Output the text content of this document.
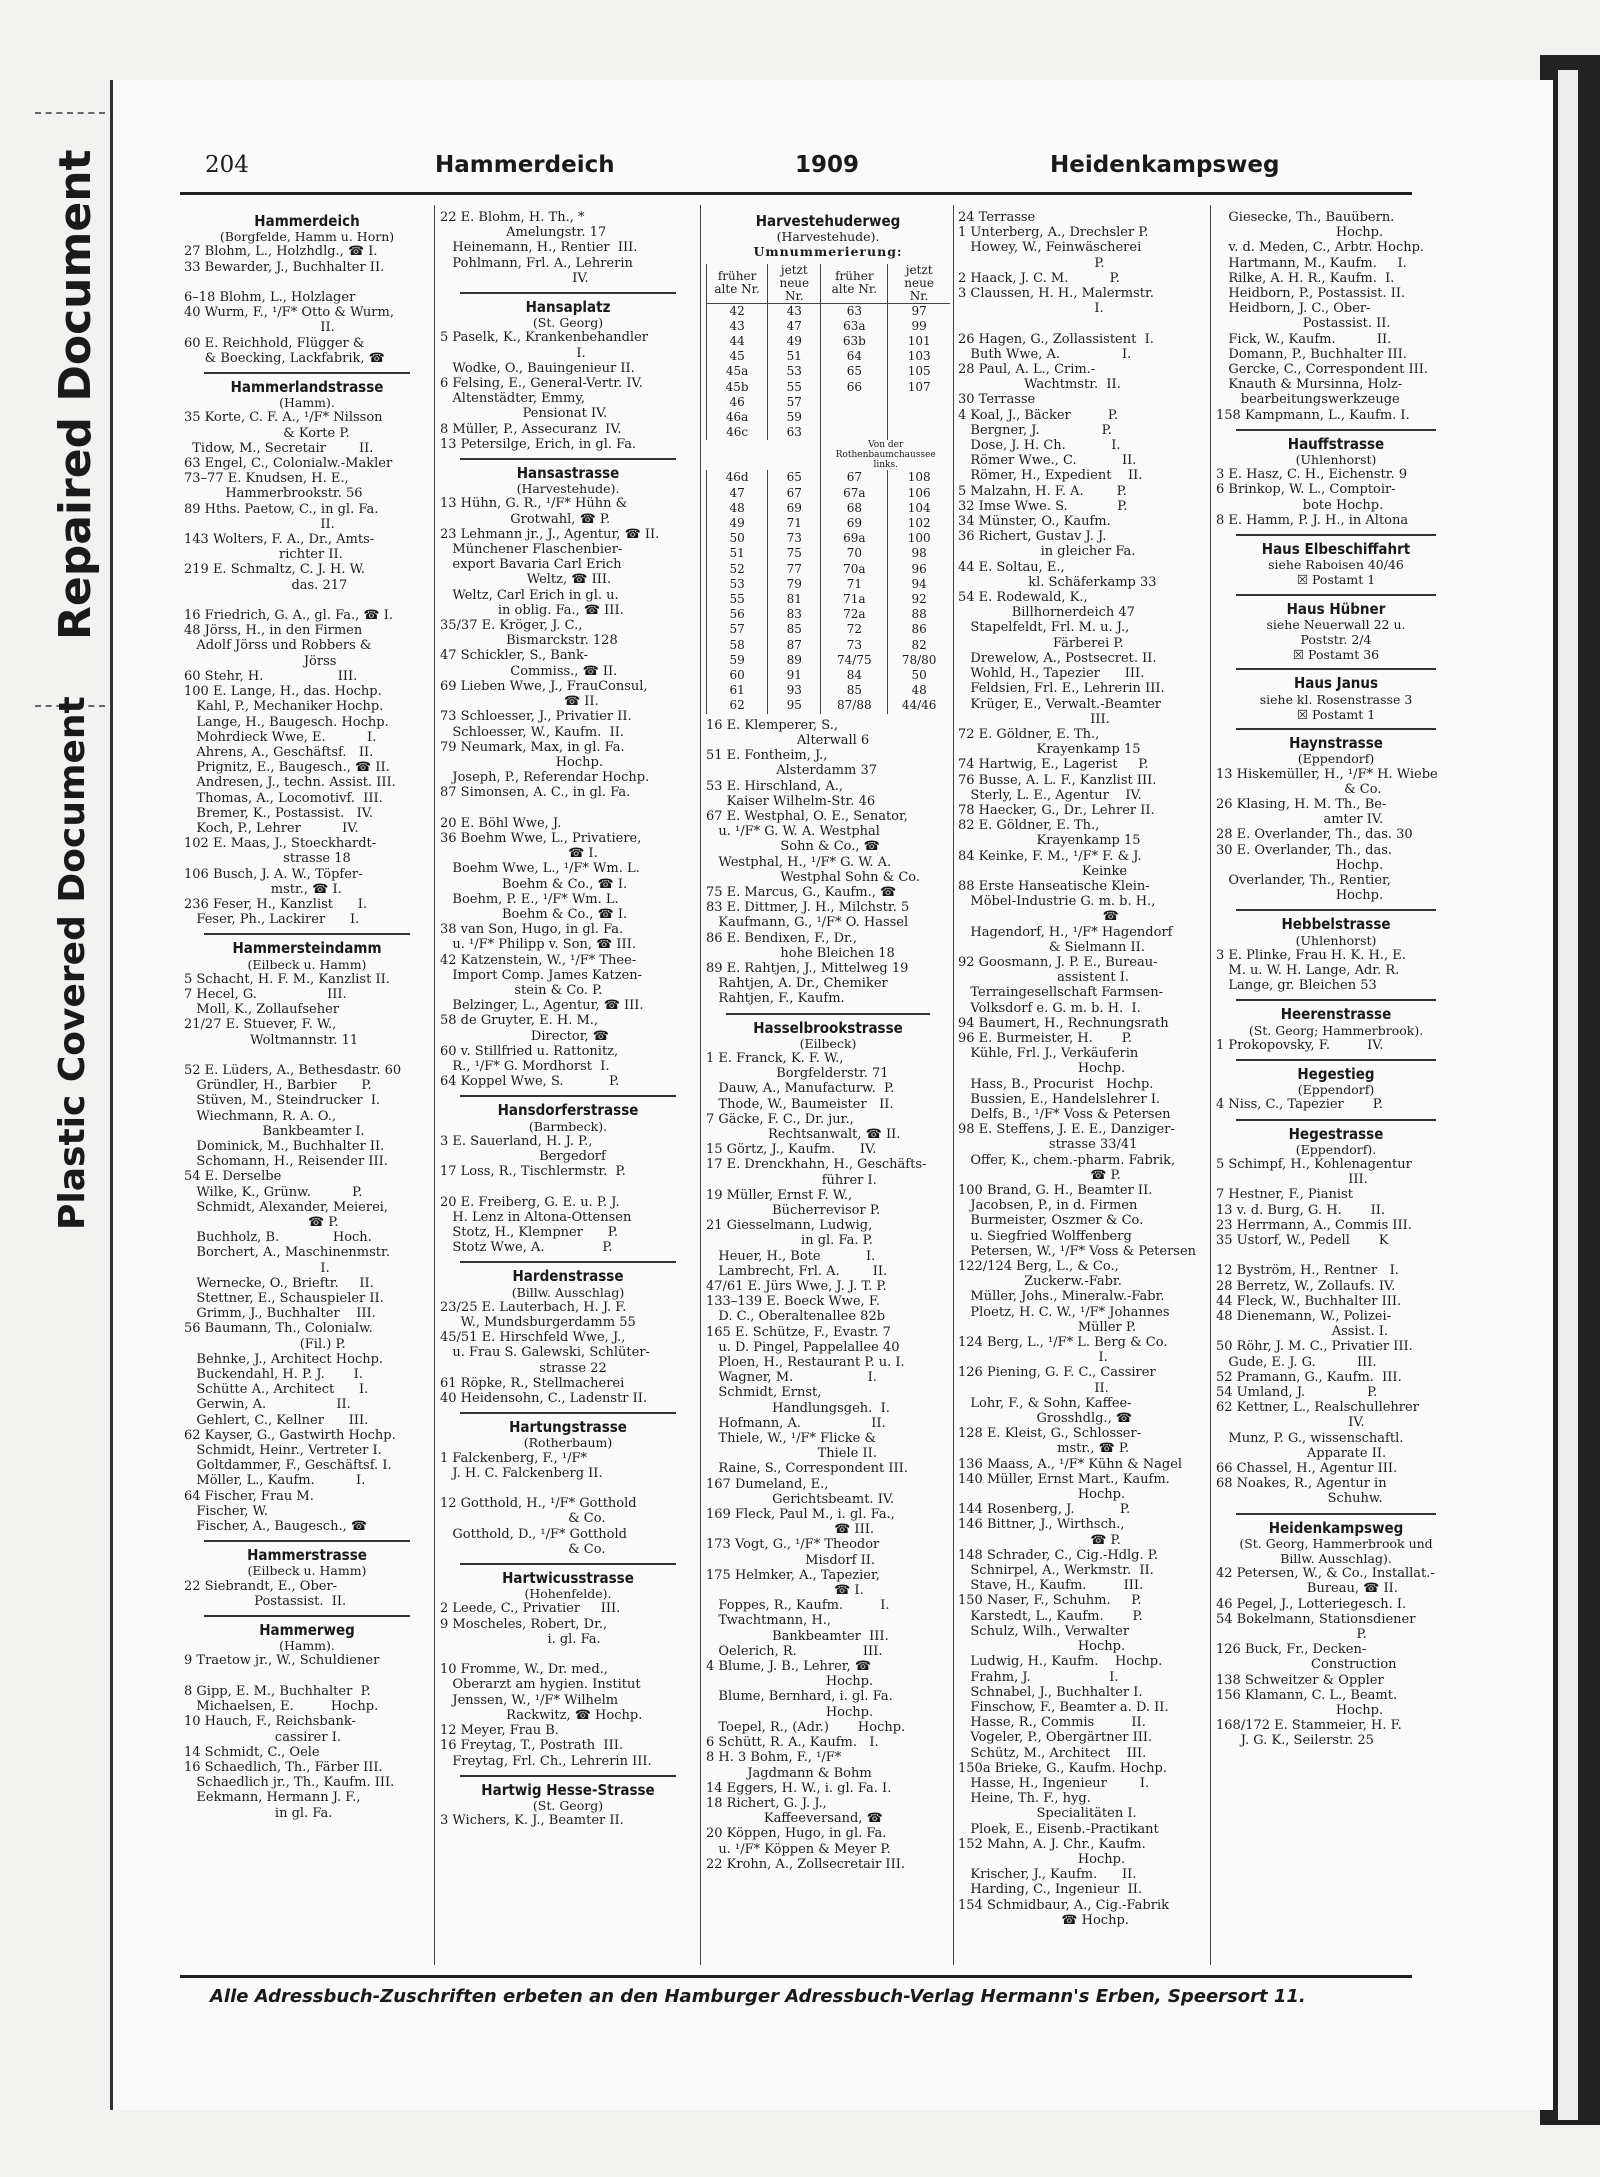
Repaired Document
Plastic Covered Document
204	Hammerdeich	1909	Heidenkampsweg
Hammerdeich
(Borgfelde, Hamm u. Horn)
27 Blohm, L., Holzhdlg., ☎ I.
33 Bewarder, J., Buchhalter II.

6–18 Blohm, L., Holzlager
40 Wurm, F., ¹/F* Otto & Wurm,
II.
60 E. Reichhold, Flügger &
& Boecking, Lackfabrik, ☎
Hammerlandstrasse
(Hamm).
35 Korte, C. F. A., ¹/F* Nilsson
& Korte P.
Tidow, M., Secretair        II.
63 Engel, C., Colonialw.-Makler
73–77 E. Knudsen, H. E.,
Hammerbrookstr. 56
89 Hths. Paetow, C., in gl. Fa.
II.
143 Wolters, F. A., Dr., Amts-
richter II.
219 E. Schmaltz, C. J. H. W.
das. 217

16 Friedrich, G. A., gl. Fa., ☎ I.
48 Jörss, H., in den Firmen
Adolf Jörss und Robbers &
Jörss
60 Stehr, H.                  III.
100 E. Lange, H., das. Hochp.
Kahl, P., Mechaniker Hochp.
Lange, H., Baugesch. Hochp.
Mohrdieck Wwe, E.          I.
Ahrens, A., Geschäftsf.   II.
Prignitz, E., Baugesch., ☎ II.
Andresen, J., techn. Assist. III.
Thomas, A., Locomotivf.  III.
Bremer, K., Postassist.   IV.
Koch, P., Lehrer          IV.
102 E. Maas, J., Stoeckhardt-
strasse 18
106 Busch, J. A. W., Töpfer-
mstr., ☎ I.
236 Feser, H., Kanzlist      I.
Feser, Ph., Lackirer      I.
Hammersteindamm
(Eilbeck u. Hamm)
5 Schacht, H. F. M., Kanzlist II.
7 Hecel, G.                 III.
Moll, K., Zollaufseher
21/27 E. Stuever, F. W.,
Woltmannstr. 11

52 E. Lüders, A., Bethesdastr. 60
Gründler, H., Barbier      P.
Stüven, M., Steindrucker  I.
Wiechmann, R. A. O.,
Bankbeamter I.
Dominick, M., Buchhalter II.
Schomann, H., Reisender III.
54 E. Derselbe
Wilke, K., Grünw.          P.
Schmidt, Alexander, Meierei,
☎ P.
Buchholz, B.             Hoch.
Borchert, A., Maschinenmstr.
I.
Wernecke, O., Brieftr.     II.
Stettner, E., Schauspieler II.
Grimm, J., Buchhalter    III.
56 Baumann, Th., Colonialw.
(Fil.) P.
Behnke, J., Architect Hochp.
Buckendahl, H. P. J.       I.
Schütte A., Architect      I.
Gerwin, A.                 II.
Gehlert, C., Kellner      III.
62 Kayser, G., Gastwirth Hochp.
Schmidt, Heinr., Vertreter I.
Goltdammer, F., Geschäftsf. I.
Möller, L., Kaufm.          I.
64 Fischer, Frau M.
Fischer, W.
Fischer, A., Baugesch., ☎
Hammerstrasse
(Eilbeck u. Hamm)
22 Siebrandt, E., Ober-
Postassist.  II.
Hammerweg
(Hamm).
9 Traetow jr., W., Schuldiener

8 Gipp, E. M., Buchhalter  P.
Michaelsen, E.         Hochp.
10 Hauch, F., Reichsbank-
cassirer I.
14 Schmidt, C., Oele
16 Schaedlich, Th., Färber III.
Schaedlich jr., Th., Kaufm. III.
Eekmann, Hermann J. F.,
in gl. Fa.
22 E. Blohm, H. Th., *
Amelungstr. 17
Heinemann, H., Rentier  III.
Pohlmann, Frl. A., Lehrerin
IV.
Hansaplatz
(St. Georg)
5 Paselk, K., Krankenbehandler
I.
Wodke, O., Bauingenieur II.
6 Felsing, E., General-Vertr. IV.
Altenstädter, Emmy,
Pensionat IV.
8 Müller, P., Assecuranz  IV.
13 Petersilge, Erich, in gl. Fa.
Hansastrasse
(Harvestehude).
13 Hühn, G. R., ¹/F* Hühn &
Grotwahl, ☎ P.
23 Lehmann jr., J., Agentur, ☎ II.
Münchener Flaschenbier-
export Bavaria Carl Erich
Weltz, ☎ III.
Weltz, Carl Erich in gl. u.
in oblig. Fa., ☎ III.
35/37 E. Kröger, J. C.,
Bismarckstr. 128
47 Schickler, S., Bank-
Commiss., ☎ II.
69 Lieben Wwe, J., FrauConsul,
☎ II.
73 Schloesser, J., Privatier II.
Schloesser, W., Kaufm.  II.
79 Neumark, Max, in gl. Fa.
Hochp.
Joseph, P., Referendar Hochp.
87 Simonsen, A. C., in gl. Fa.

20 E. Böhl Wwe, J.
36 Boehm Wwe, L., Privatiere,
☎ I.
Boehm Wwe, L., ¹/F* Wm. L.
Boehm & Co., ☎ I.
Boehm, P. E., ¹/F* Wm. L.
Boehm & Co., ☎ I.
38 van Son, Hugo, in gl. Fa.
u. ¹/F* Philipp v. Son, ☎ III.
42 Katzenstein, W., ¹/F* Thee-
Import Comp. James Katzen-
stein & Co. P.
Belzinger, L., Agentur, ☎ III.
58 de Gruyter, E. H. M.,
Director, ☎
60 v. Stillfried u. Rattonitz,
R., ¹/F* G. Mordhorst  I.
64 Koppel Wwe, S.           P.
Hansdorferstrasse
(Barmbeck).
3 E. Sauerland, H. J. P.,
Bergedorf
17 Loss, R., Tischlermstr.  P.

20 E. Freiberg, G. E. u. P. J.
H. Lenz in Altona-Ottensen
Stotz, H., Klempner      P.
Stotz Wwe, A.              P.
Hardenstrasse
(Billw. Ausschlag)
23/25 E. Lauterbach, H. J. F.
W., Mundsburgerdamm 55
45/51 E. Hirschfeld Wwe, J.,
u. Frau S. Galewski, Schlüter-
strasse 22
61 Röpke, R., Stellmacherei
40 Heidensohn, C., Ladenstr II.
Hartungstrasse
(Rotherbaum)
1 Falckenberg, F., ¹/F*
J. H. C. Falckenberg II.

12 Gotthold, H., ¹/F* Gotthold
& Co.
Gotthold, D., ¹/F* Gotthold
& Co.
Hartwicusstrasse
(Hohenfelde).
2 Leede, C., Privatier     III.
9 Moscheles, Robert, Dr.,
i. gl. Fa.

10 Fromme, W., Dr. med.,
Oberarzt am hygien. Institut
Jenssen, W., ¹/F* Wilhelm
Rackwitz, ☎ Hochp.
12 Meyer, Frau B.
16 Freytag, T., Postrath  III.
Freytag, Frl. Ch., Lehrerin III.
Hartwig Hesse-Strasse
(St. Georg)
3 Wichers, K. J., Beamter II.
Harvestehuderweg
(Harvestehude).
Umnummerierung:
früher alte Nr.	jetzt neue Nr.	früher alte Nr.	jetzt neue Nr.
42	43	63	97
43	47	63a	99
44	49	63b	101
45	51	64	103
45a	53	65	105
45b	55	66	107
46	57		
46a	59		
46c	63		
		Von der Rothenbaumchaussee links.	
46d	65	67	108
47	67	67a	106
48	69	68	104
49	71	69	102
50	73	69a	100
51	75	70	98
52	77	70a	96
53	79	71	94
55	81	71a	92
56	83	72a	88
57	85	72	86
58	87	73	82
59	89	74/75	78/80
60	91	84	50
61	93	85	48
62	95	87/88	44/46
16 E. Klemperer, S.,
Alterwall 6
51 E. Fontheim, J.,
Alsterdamm 37
53 E. Hirschland, A.,
Kaiser Wilhelm-Str. 46
67 E. Westphal, O. E., Senator,
u. ¹/F* G. W. A. Westphal
Sohn & Co., ☎
Westphal, H., ¹/F* G. W. A.
Westphal Sohn & Co.
75 E. Marcus, G., Kaufm., ☎
83 E. Dittmer, J. H., Milchstr. 5
Kaufmann, G., ¹/F* O. Hassel
86 E. Bendixen, F., Dr.,
hohe Bleichen 18
89 E. Rahtjen, J., Mittelweg 19
Rahtjen, A. Dr., Chemiker
Rahtjen, F., Kaufm.
Hasselbrookstrasse
(Eilbeck)
1 E. Franck, K. F. W.,
Borgfelderstr. 71
Dauw, A., Manufacturw.  P.
Thode, W., Baumeister   II.
7 Gäcke, F. C., Dr. jur.,
Rechtsanwalt, ☎ II.
15 Görtz, J., Kaufm.      IV.
17 E. Drenckhahn, H., Geschäfts-
führer I.
19 Müller, Ernst F. W.,
Bücherrevisor P.
21 Giesselmann, Ludwig,
in gl. Fa. P.
Heuer, H., Bote           I.
Lambrecht, Frl. A.        II.
47/61 E. Jürs Wwe, J. J. T. P.
133–139 E. Boeck Wwe, F.
D. C., Oberaltenallee 82b
165 E. Schütze, F., Evastr. 7
u. D. Pingel, Pappelallee 40
Ploen, H., Restaurant P. u. I.
Wagner, M.                  I.
Schmidt, Ernst,
Handlungsgeh.  I.
Hofmann, A.                 II.
Thiele, W., ¹/F* Flicke &
Thiele II.
Raine, S., Correspondent III.
167 Dumeland, E.,
Gerichtsbeamt. IV.
169 Fleck, Paul M., i. gl. Fa.,
☎ III.
173 Vogt, G., ¹/F* Theodor
Misdorf II.
175 Helmker, A., Tapezier,
☎ I.
Foppes, R., Kaufm.         I.
Twachtmann, H.,
Bankbeamter  III.
Oelerich, R.                III.
4 Blume, J. B., Lehrer, ☎
Hochp.
Blume, Bernhard, i. gl. Fa.
Hochp.
Toepel, R., (Adr.)       Hochp.
6 Schütt, R. A., Kaufm.   I.
8 H. 3 Bohm, F., ¹/F*
Jagdmann & Bohm
14 Eggers, H. W., i. gl. Fa. I.
18 Richert, G. J. J.,
Kaffeeversand, ☎
20 Köppen, Hugo, in gl. Fa.
u. ¹/F* Köppen & Meyer P.
22 Krohn, A., Zollsecretair III.
24 Terrasse
1 Unterberg, A., Drechsler P.
Howey, W., Feinwäscherei
P.
2 Haack, J. C. M.          P.
3 Claussen, H. H., Malermstr.
I.

26 Hagen, G., Zollassistent  I.
Buth Wwe, A.               I.
28 Paul, A. L., Crim.-
Wachtmstr.  II.
30 Terrasse
4 Koal, J., Bäcker         P.
Bergner, J.               P.
Dose, J. H. Ch.           I.
Römer Wwe., C.           II.
Römer, H., Expedient    II.
5 Malzahn, H. F. A.        P.
32 Imse Wwe. S.            P.
34 Münster, O., Kaufm.
36 Richert, Gustav J. J.
in gleicher Fa.
44 E. Soltau, E.,
kl. Schäferkamp 33
54 E. Rodewald, K.,
Billhornerdeich 47
Stapelfeldt, Frl. M. u. J.,
Färberei P.
Drewelow, A., Postsecret. II.
Wohld, H., Tapezier      III.
Feldsien, Frl. E., Lehrerin III.
Krüger, E., Verwalt.-Beamter
III.
72 E. Göldner, E. Th.,
Krayenkamp 15
74 Hartwig, E., Lagerist     P.
76 Busse, A. L. F., Kanzlist III.
Sterly, L. E., Agentur    IV.
78 Haecker, G., Dr., Lehrer II.
82 E. Göldner, E. Th.,
Krayenkamp 15
84 Keinke, F. M., ¹/F* F. & J.
Keinke
88 Erste Hanseatische Klein-
Möbel-Industrie G. m. b. H.,
☎
Hagendorf, H., ¹/F* Hagendorf
& Sielmann II.
92 Goosmann, J. P. E., Bureau-
assistent I.
Terraingesellschaft Farmsen-
Volksdorf e. G. m. b. H.  I.
94 Baumert, H., Rechnungsrath
96 E. Burmeister, H.       P.
Kühle, Frl. J., Verkäuferin
Hochp.
Hass, B., Procurist   Hochp.
Bussien, E., Handelslehrer I.
Delfs, B., ¹/F* Voss & Petersen
98 E. Steffens, J. E. E., Danziger-
strasse 33/41
Offer, K., chem.-pharm. Fabrik,
☎ P.
100 Brand, G. H., Beamter II.
Jacobsen, P., in d. Firmen
Burmeister, Oszmer & Co.
u. Siegfried Wolffenberg
Petersen, W., ¹/F* Voss & Petersen
122/124 Berg, L., & Co.,
Zuckerw.-Fabr.
Müller, Johs., Mineralw.-Fabr.
Ploetz, H. C. W., ¹/F* Johannes
Müller P.
124 Berg, L., ¹/F* L. Berg & Co.
I.
126 Piening, G. F. C., Cassirer
II.
Lohr, F., & Sohn, Kaffee-
Grosshdlg., ☎
128 E. Kleist, G., Schlosser-
mstr., ☎ P.
136 Maass, A., ¹/F* Kühn & Nagel
140 Müller, Ernst Mart., Kaufm.
Hochp.
144 Rosenberg, J.           P.
146 Bittner, J., Wirthsch.,
☎ P.
148 Schrader, C., Cig.-Hdlg. P.
Schnirpel, A., Werkmstr.  II.
Stave, H., Kaufm.         III.
150 Naser, F., Schuhm.     P.
Karstedt, L., Kaufm.       P.
Schulz, Wilh., Verwalter
Hochp.
Ludwig, H., Kaufm.    Hochp.
Frahm, J.                   I.
Schnabel, J., Buchhalter I.
Finschow, F., Beamter a. D. II.
Hasse, R., Commis         II.
Vogeler, P., Obergärtner III.
Schütz, M., Architect    III.
150a Brieke, G., Kaufm. Hochp.
Hasse, H., Ingenieur        I.
Heine, Th. F., hyg.
Specialitäten I.
Ploek, E., Eisenb.-Practikant
152 Mahn, A. J. Chr., Kaufm.
Hochp.
Krischer, J., Kaufm.      II.
Harding, C., Ingenieur  II.
154 Schmidbaur, A., Cig.-Fabrik
☎ Hochp.
Giesecke, Th., Bauübern.
Hochp.
v. d. Meden, C., Arbtr. Hochp.
Hartmann, M., Kaufm.     I.
Rilke, A. H. R., Kaufm.  I.
Heidborn, P., Postassist. II.
Heidborn, J. C., Ober-
Postassist. II.
Fick, W., Kaufm.          II.
Domann, P., Buchhalter III.
Gercke, C., Correspondent III.
Knauth & Mursinna, Holz-
bearbeitungswerkzeuge
158 Kampmann, L., Kaufm. I.
Hauffstrasse
(Uhlenhorst)
3 E. Hasz, C. H., Eichenstr. 9
6 Brinkop, W. L., Comptoir-
bote Hochp.
8 E. Hamm, P. J. H., in Altona
Haus Elbeschiffahrt
siehe Raboisen 40/46
☒ Postamt 1
Haus Hübner
siehe Neuerwall 22 u.
Poststr. 2/4
☒ Postamt 36
Haus Janus
siehe kl. Rosenstrasse 3
☒ Postamt 1
Haynstrasse
(Eppendorf)
13 Hiskemüller, H., ¹/F* H. Wiebe
& Co.
26 Klasing, H. M. Th., Be-
amter IV.
28 E. Overlander, Th., das. 30
30 E. Overlander, Th., das.
Hochp.
Overlander, Th., Rentier,
Hochp.
Hebbelstrasse
(Uhlenhorst)
3 E. Plinke, Frau H. K. H., E.
M. u. W. H. Lange, Adr. R.
Lange, gr. Bleichen 53
Heerenstrasse
(St. Georg; Hammerbrook).
1 Prokopovsky, F.         IV.
Hegestieg
(Eppendorf)
4 Niss, C., Tapezier       P.
Hegestrasse
(Eppendorf).
5 Schimpf, H., Kohlenagentur
III.
7 Hestner, F., Pianist
13 v. d. Burg, G. H.       II.
23 Herrmann, A., Commis III.
35 Ustorf, W., Pedell       K

12 Byström, H., Rentner   I.
28 Berretz, W., Zollaufs. IV.
44 Fleck, W., Buchhalter III.
48 Dienemann, W., Polizei-
Assist. I.
50 Röhr, J. M. C., Privatier III.
Gude, E. J. G.          III.
52 Pramann, G., Kaufm.  III.
54 Umland, J.               P.
62 Kettner, L., Realschullehrer
IV.
Munz, P. G., wissenschaftl.
Apparate II.
66 Chassel, H., Agentur III.
68 Noakes, R., Agentur in
Schuhw.
Heidenkampsweg
(St. Georg, Hammerbrook und
Billw. Ausschlag).
42 Petersen, W., & Co., Installat.-
Bureau, ☎ II.
46 Pegel, J., Lotteriegesch. I.
54 Bokelmann, Stationsdiener
P.
126 Buck, Fr., Decken-
Construction
138 Schweitzer & Oppler
156 Klamann, C. L., Beamt.
Hochp.
168/172 E. Stammeier, H. F.
J. G. K., Seilerstr. 25
Alle Adressbuch-Zuschriften erbeten an den Hamburger Adressbuch-Verlag Hermann's Erben, Speersort 11.
